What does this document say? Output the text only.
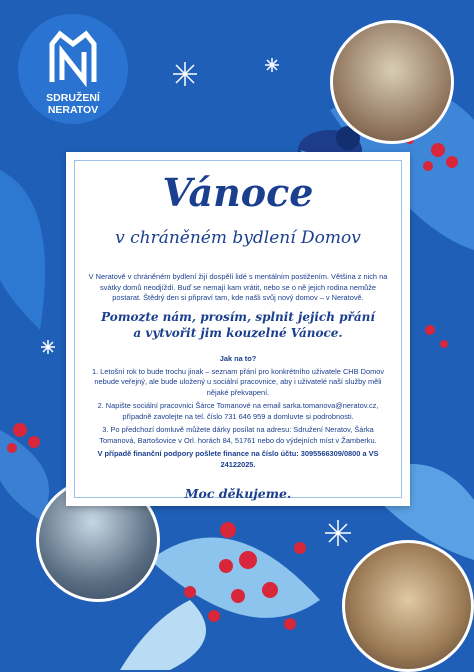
SDRUŽENÍ
NERATOV
Vánoce
v chráněném bydlení Domov
V Neratově v chráněném bydlení žijí dospělí lidé s mentálním postižením. Většina z nich na svátky domů neodjíždí. Buď se nemají kam vrátit, nebo se o ně jejich rodina nemůže postarat. Štědrý den si připraví tam, kde našli svůj nový domov – v Neratově.
Pomozte nám, prosím, splnit jejich přání
a vytvořit jim kouzelné Vánoce.

Jak na to?

1. Letošní rok to bude trochu jinak – seznam přání pro konkrétního uživatele CHB Domov nebude veřejný, ale bude uložený u sociální pracovnice, aby i uživatelé naší služby měli nějaké překvapení.

2. Napište sociální pracovnici Šárce Tomanové na email sarka.tomanova@neratov.cz, případně zavolejte na tel. číslo 731 646 959 a domluvte si podrobnosti.

3. Po předchozí domluvě můžete dárky posílat na adresu: Sdružení Neratov, Šárka Tomanová, Bartošovice v Orl. horách 84, 51761 nebo do výdejních míst v Žamberku.

V případě finanční podpory pošlete finance na číslo účtu: 3095566309/0800 a VS 24122025.

Moc děkujeme.
